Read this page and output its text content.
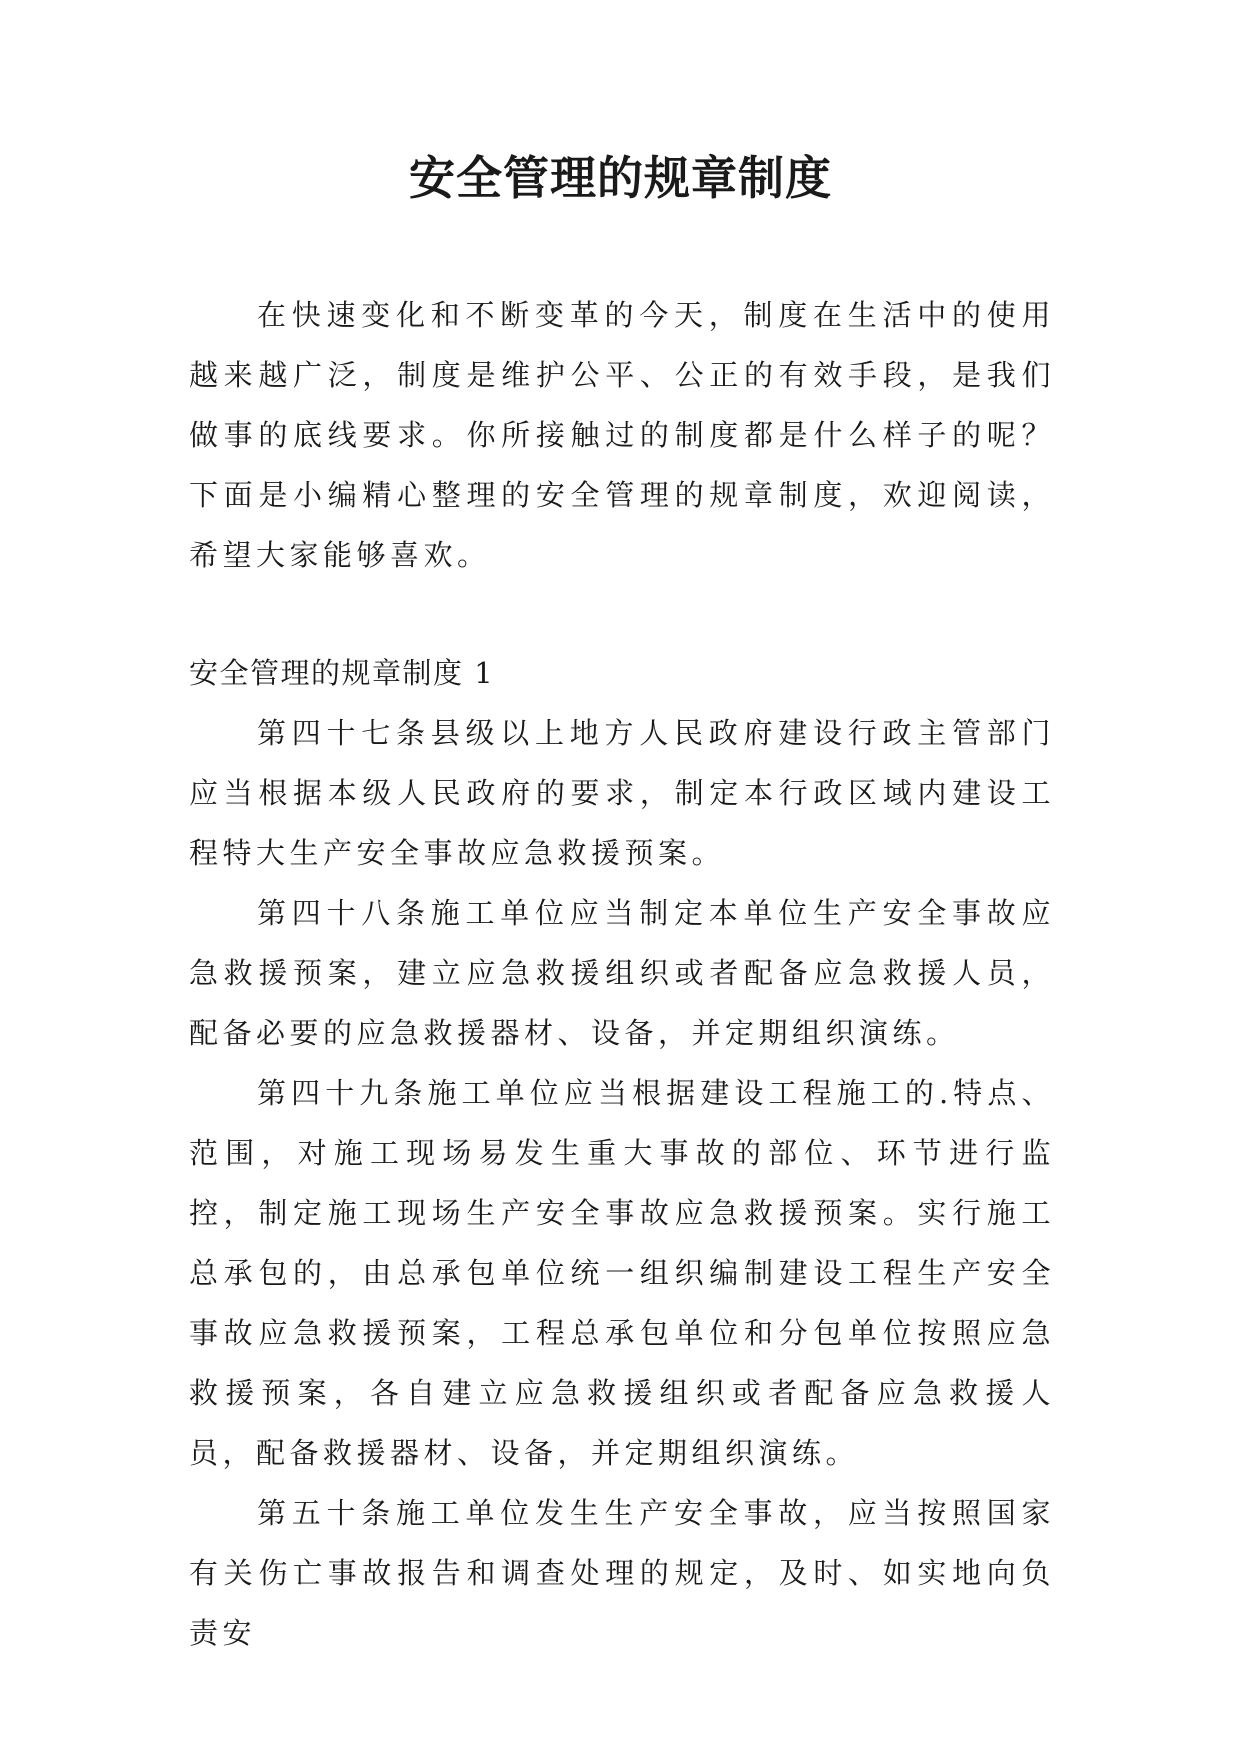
安全管理的规章制度

在快速变化和不断变革的今天，制度在生活中的使用越来越广泛，制度是维护公平、公正的有效手段，是我们做事的底线要求。你所接触过的制度都是什么样子的呢？下面是小编精心整理的安全管理的规章制度，欢迎阅读，希望大家能够喜欢。

安全管理的规章制度 1

第四十七条县级以上地方人民政府建设行政主管部门应当根据本级人民政府的要求，制定本行政区域内建设工程特大生产安全事故应急救援预案。

第四十八条施工单位应当制定本单位生产安全事故应急救援预案，建立应急救援组织或者配备应急救援人员，配备必要的应急救援器材、设备，并定期组织演练。

第四十九条施工单位应当根据建设工程施工的.特点、范围，对施工现场易发生重大事故的部位、环节进行监控，制定施工现场生产安全事故应急救援预案。实行施工总承包的，由总承包单位统一组织编制建设工程生产安全事故应急救援预案，工程总承包单位和分包单位按照应急救援预案，各自建立应急救援组织或者配备应急救援人员，配备救援器材、设备，并定期组织演练。

第五十条施工单位发生生产安全事故，应当按照国家有关伤亡事故报告和调查处理的规定，及时、如实地向负责安
